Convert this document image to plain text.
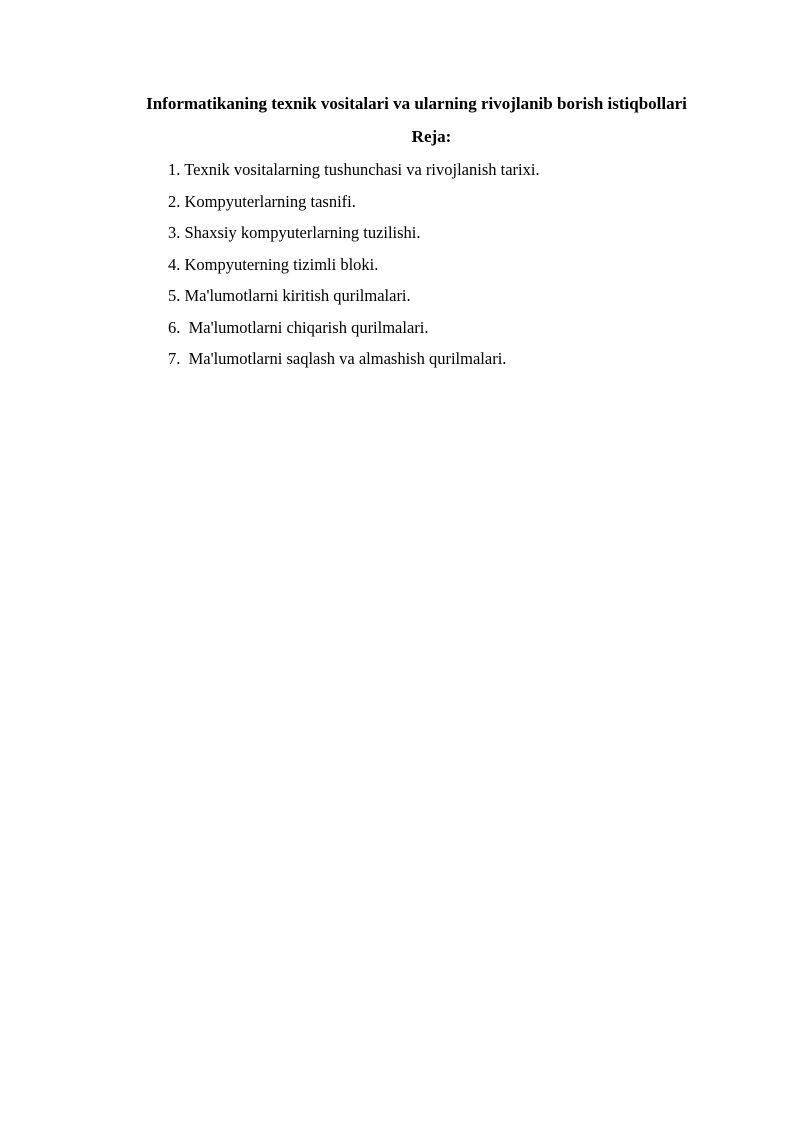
Informatikaning texnik vositalari va ularning rivojlanib borish istiqbollari
Reja:
1. Texnik vositalarning tushunchasi va rivojlanish tarixi.
2. Kompyuterlarning tasnifi.
3. Shaxsiy kompyuterlarning tuzilishi.
4. Kompyuterning tizimli bloki.
5. Ma'lumotlarni kiritish qurilmalari.
6.  Ma'lumotlarni chiqarish qurilmalari.
7.  Ma'lumotlarni saqlash va almashish qurilmalari.
